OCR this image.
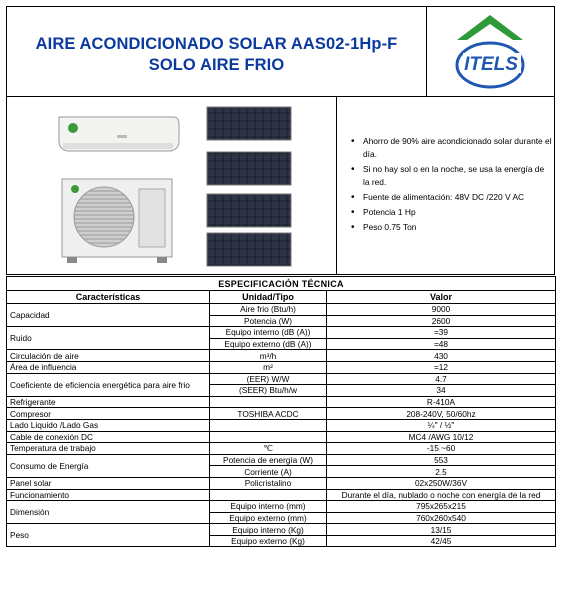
AIRE ACONDICIONADO SOLAR AAS02-1Hp-F
SOLO AIRE FRIO	ITELS
• Ahorro de 90% aire acondicionado solar durante el día.
• Si no hay sol o en la noche, se usa la energía de la red.
• Fuente de alimentación: 48V DC /220 V AC
• Potencia 1 Hp
• Peso 0.75 Ton
ESPECIFICACIÓN TÉCNICA		
Características	Unidad/Tipo	Valor
Capacidad	Aire frio (Btu/h)	9000
	Potencia (W)	2600
Ruido	Equipo interno (dB (A))	=39
	Equipo externo (dB (A))	=48
Circulación de aire	m³/h	430
Área de influencia	m²	=12
Coeficiente de eficiencia energética para aire frio	(EER) W/W	4.7
	(SEER) Btu/h/w	34
Refrigerante		R-410A
Compresor	TOSHIBA ACDC	208-240V, 50/60hz
Lado Liquido /Lado Gas		¼" / ½"
Cable de conexión DC		MC4 /AWG 10/12
Temperatura de trabajo	℃	-15 ~60
Consumo de Energía	Potencia de energía (W)	553
	Corriente (A)	2.5
Panel solar	Policristalino	02x250W/36V
Funcionamiento		Durante el día, nublado o noche con energía de la red
Dimensión	Equipo interno (mm)	795x265x215
	Equipo externo (mm)	760x260x540
Peso	Equipo interno (Kg)	13/15
	Equipo externo (Kg)	42/45
